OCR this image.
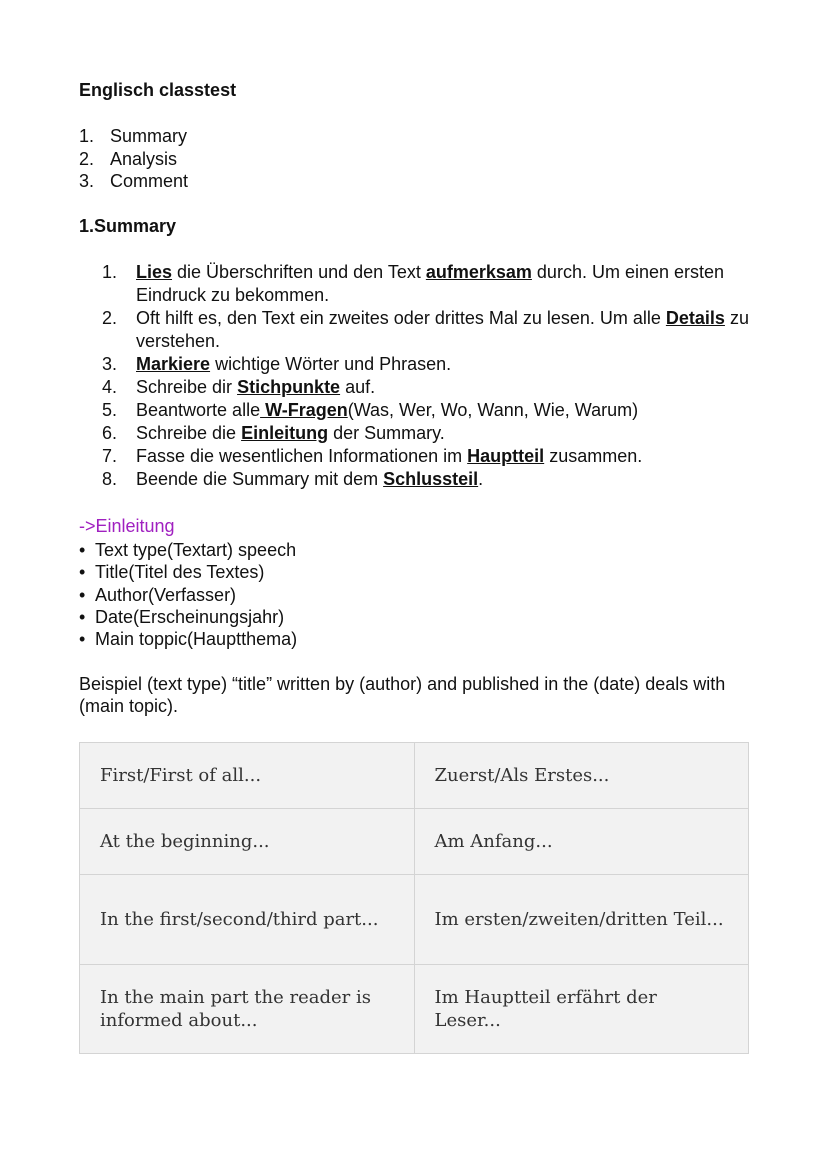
Englisch classtest
1. Summary
2. Analysis
3. Comment
1.Summary
1.	Lies die Überschriften und den Text aufmerksam durch. Um einen ersten Eindruck zu bekommen.
2.	Oft hilft es, den Text ein zweites oder drittes Mal zu lesen. Um alle Details zu verstehen.
3.	Markiere wichtige Wörter und Phrasen.
4.	Schreibe dir Stichpunkte auf.
5.	Beantworte alle W-Fragen(Was, Wer, Wo, Wann, Wie, Warum)
6.	Schreibe die Einleitung der Summary.
7.	Fasse die wesentlichen Informationen im Hauptteil zusammen.
8.	Beende die Summary mit dem Schlussteil.

->Einleitung

• Text type(Textart) speech
• Title(Titel des Textes)
• Author(Verfasser)
• Date(Erscheinungsjahr)
• Main toppic(Hauptthema)

Beispiel (text type) “title” written by (author) and published in the (date) deals with (main topic).

First/First of all...	Zuerst/Als Erstes...
At the beginning...	Am Anfang...
In the first/second/third part...	Im ersten/zweiten/dritten Teil...
In the main part the reader is informed about...	Im Hauptteil erfährt der Leser...
